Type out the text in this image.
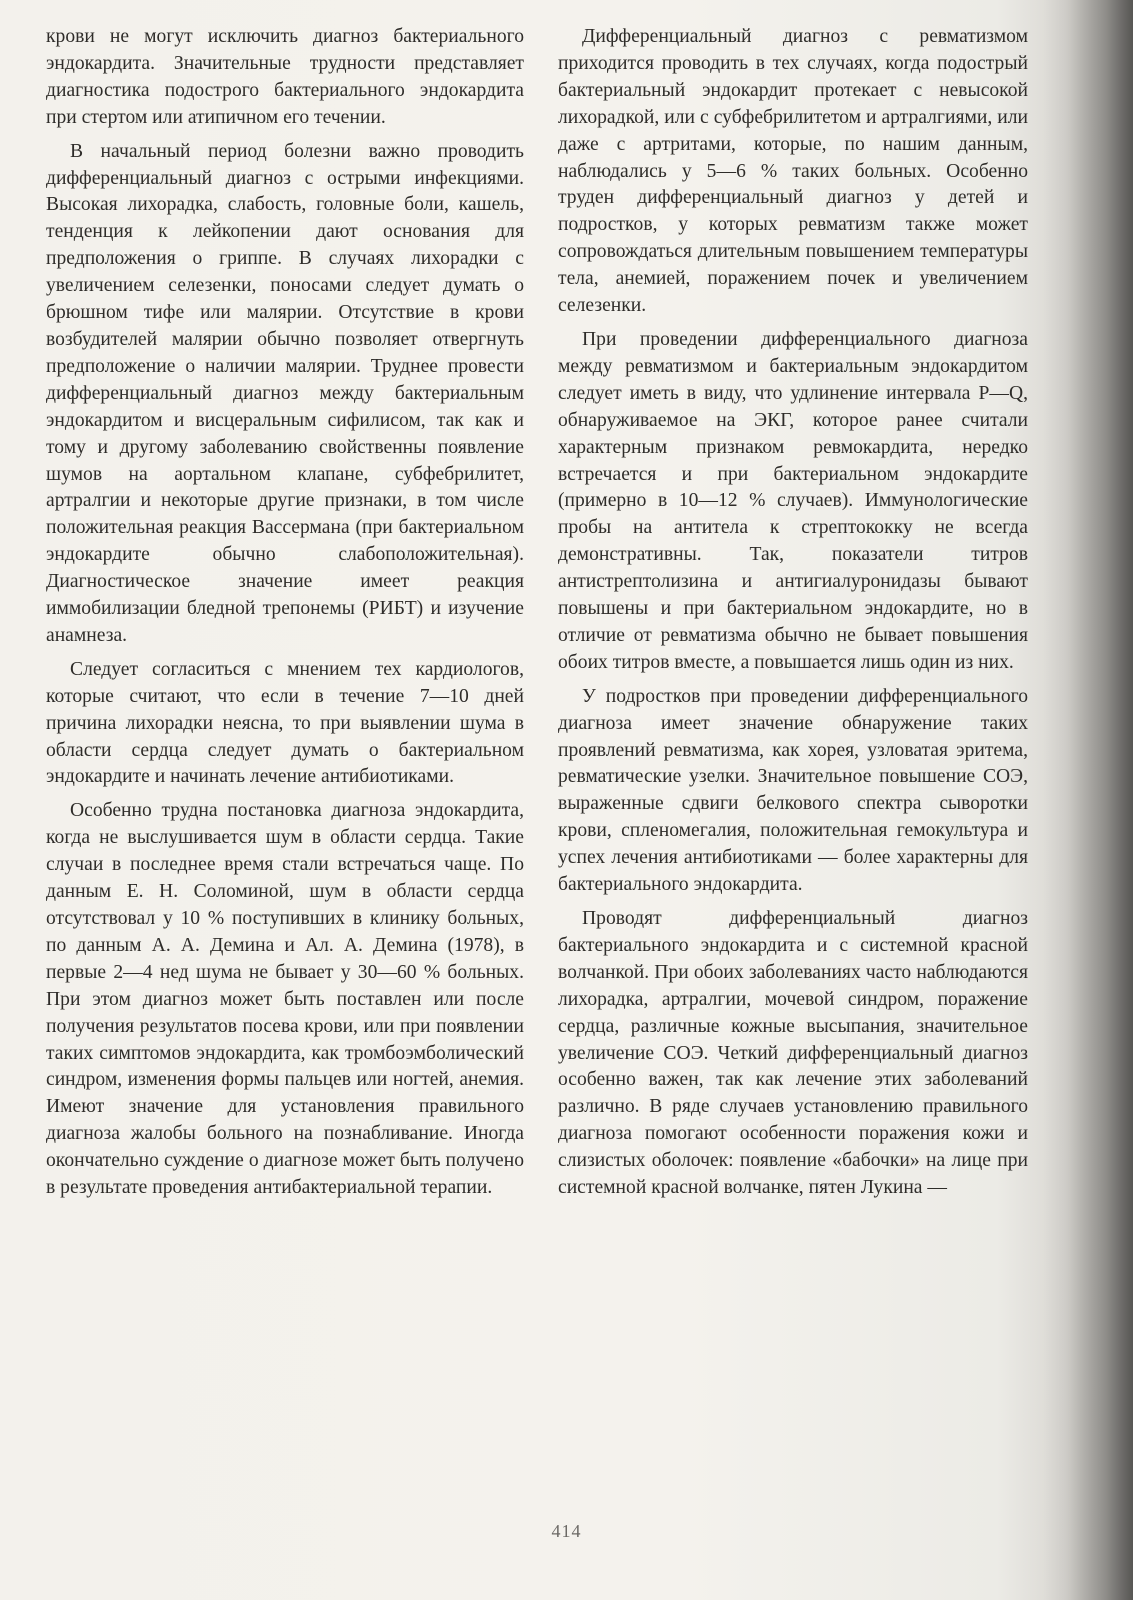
крови не могут исключить диагноз бактериального эндокардита. Значительные трудности представляет диагностика подострого бактериального эндокардита при стертом или атипичном его течении.

В начальный период болезни важно проводить дифференциальный диагноз с острыми инфекциями. Высокая лихорадка, слабость, головные боли, кашель, тенденция к лейкопении дают основания для предположения о гриппе. В случаях лихорадки с увеличением селезенки, поносами следует думать о брюшном тифе или малярии. Отсутствие в крови возбудителей малярии обычно позволяет отвергнуть предположение о наличии малярии. Труднее провести дифференциальный диагноз между бактериальным эндокардитом и висцеральным сифилисом, так как и тому и другому заболеванию свойственны появление шумов на аортальном клапане, субфебрилитет, артралгии и некоторые другие признаки, в том числе положительная реакция Вассермана (при бактериальном эндокардите обычно слабоположительная). Диагностическое значение имеет реакция иммобилизации бледной трепонемы (РИБТ) и изучение анамнеза.

Следует согласиться с мнением тех кардиологов, которые считают, что если в течение 7—10 дней причина лихорадки неясна, то при выявлении шума в области сердца следует думать о бактериальном эндокардите и начинать лечение антибиотиками.

Особенно трудна постановка диагноза эндокардита, когда не выслушивается шум в области сердца. Такие случаи в последнее время стали встречаться чаще. По данным Е. Н. Соломиной, шум в области сердца отсутствовал у 10 % поступивших в клинику больных, по данным А. А. Демина и Ал. А. Демина (1978), в первые 2—4 нед шума не бывает у 30—60 % больных. При этом диагноз может быть поставлен или после получения результатов посева крови, или при появлении таких симптомов эндокардита, как тромбоэмболический синдром, изменения формы пальцев или ногтей, анемия. Имеют значение для установления правильного диагноза жалобы больного на познабливание. Иногда окончательно суждение о диагнозе может быть получено в результате проведения антибактериальной терапии.

Дифференциальный диагноз с ревматизмом приходится проводить в тех случаях, когда подострый бактериальный эндокардит протекает с невысокой лихорадкой, или с субфебрилитетом и артралгиями, или даже с артритами, которые, по нашим данным, наблюдались у 5—6 % таких больных. Особенно труден дифференциальный диагноз у детей и подростков, у которых ревматизм также может сопровождаться длительным повышением температуры тела, анемией, поражением почек и увеличением селезенки.

При проведении дифференциального диагноза между ревматизмом и бактериальным эндокардитом следует иметь в виду, что удлинение интервала P—Q, обнаруживаемое на ЭКГ, которое ранее считали характерным признаком ревмокардита, нередко встречается и при бактериальном эндокардите (примерно в 10—12 % случаев). Иммунологические пробы на антитела к стрептококку не всегда демонстративны. Так, показатели титров антистрептолизина и антигиалуронидазы бывают повышены и при бактериальном эндокардите, но в отличие от ревматизма обычно не бывает повышения обоих титров вместе, а повышается лишь один из них.

У подростков при проведении дифференциального диагноза имеет значение обнаружение таких проявлений ревматизма, как хорея, узловатая эритема, ревматические узелки. Значительное повышение СОЭ, выраженные сдвиги белкового спектра сыворотки крови, спленомегалия, положительная гемокультура и успех лечения антибиотиками — более характерны для бактериального эндокардита.

Проводят дифференциальный диагноз бактериального эндокардита и с системной красной волчанкой. При обоих заболеваниях часто наблюдаются лихорадка, артралгии, мочевой синдром, поражение сердца, различные кожные высыпания, значительное увеличение СОЭ. Четкий дифференциальный диагноз особенно важен, так как лечение этих заболеваний различно. В ряде случаев установлению правильного диагноза помогают особенности поражения кожи и слизистых оболочек: появление «бабочки» на лице при системной красной волчанке, пятен Лукина —

414
